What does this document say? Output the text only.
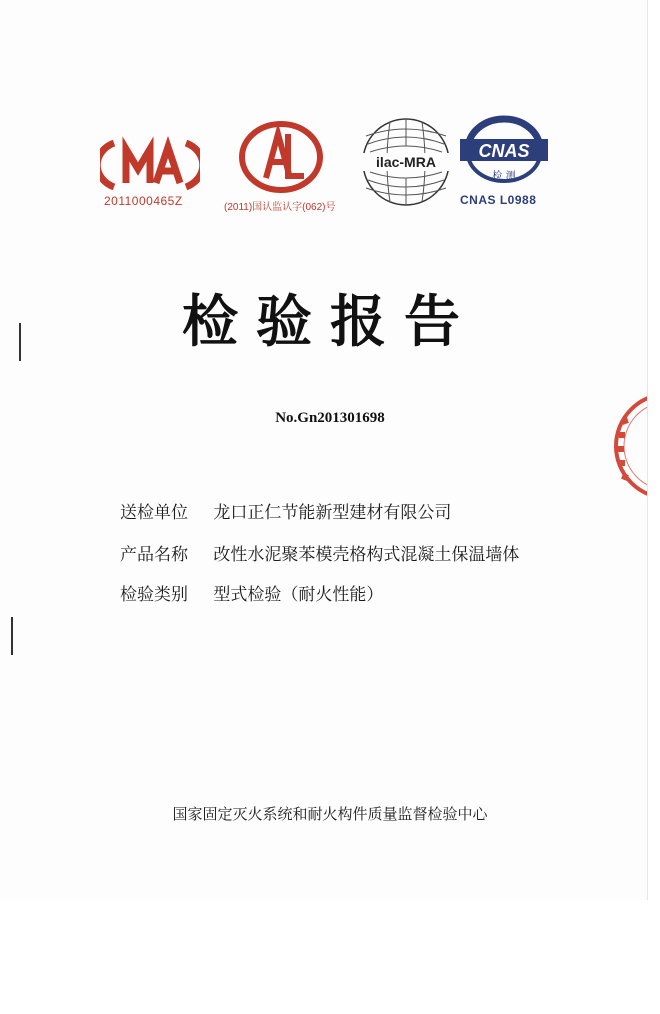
2011000465Z	(2011)国认监认字(062)号
ilac-MRA
CNAS
检 测
CNAS L0988
检验报告
No.Gn201301698
送检单位 龙口正仁节能新型建材有限公司
产品名称 改性水泥聚苯模壳格构式混凝土保温墙体
检验类别 型式检验（耐火性能）
国家固定灭火系统和耐火构件质量监督检验中心
